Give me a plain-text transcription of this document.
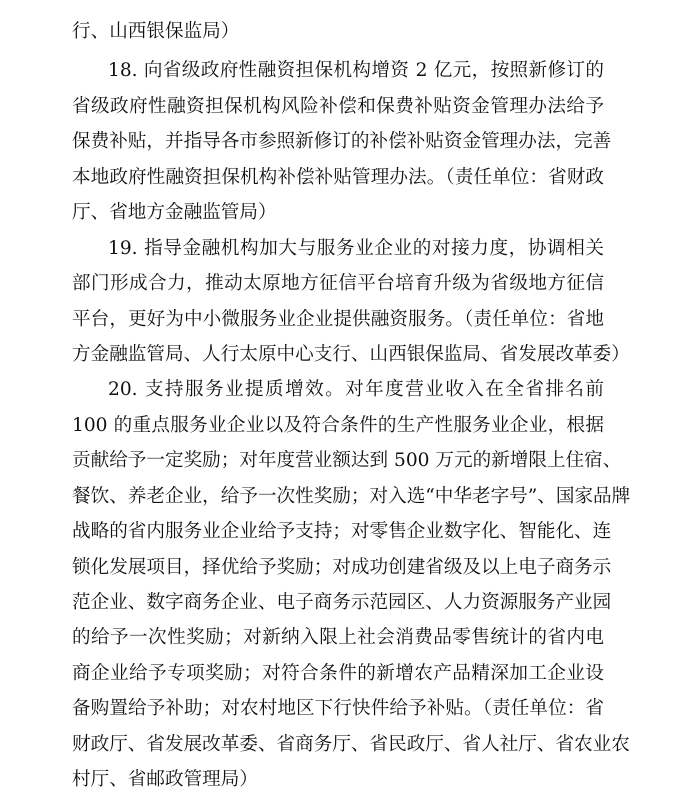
行、山西银保监局）
18. 向省级政府性融资担保机构增资 2 亿元，按照新修订的
省级政府性融资担保机构风险补偿和保费补贴资金管理办法给予
保费补贴，并指导各市参照新修订的补偿补贴资金管理办法，完善
本地政府性融资担保机构补偿补贴管理办法。（责任单位：省财政
厅、省地方金融监管局）
19. 指导金融机构加大与服务业企业的对接力度，协调相关
部门形成合力，推动太原地方征信平台培育升级为省级地方征信
平台，更好为中小微服务业企业提供融资服务。（责任单位：省地
方金融监管局、人行太原中心支行、山西银保监局、省发展改革委）
20. 支持服务业提质增效。对年度营业收入在全省排名前
100 的重点服务业企业以及符合条件的生产性服务业企业，根据
贡献给予一定奖励；对年度营业额达到 500 万元的新增限上住宿、
餐饮、养老企业，给予一次性奖励；对入选“中华老字号”、国家品牌
战略的省内服务业企业给予支持；对零售企业数字化、智能化、连
锁化发展项目，择优给予奖励；对成功创建省级及以上电子商务示
范企业、数字商务企业、电子商务示范园区、人力资源服务产业园
的给予一次性奖励；对新纳入限上社会消费品零售统计的省内电
商企业给予专项奖励；对符合条件的新增农产品精深加工企业设
备购置给予补助；对农村地区下行快件给予补贴。（责任单位：省
财政厅、省发展改革委、省商务厅、省民政厅、省人社厅、省农业农
村厅、省邮政管理局）
